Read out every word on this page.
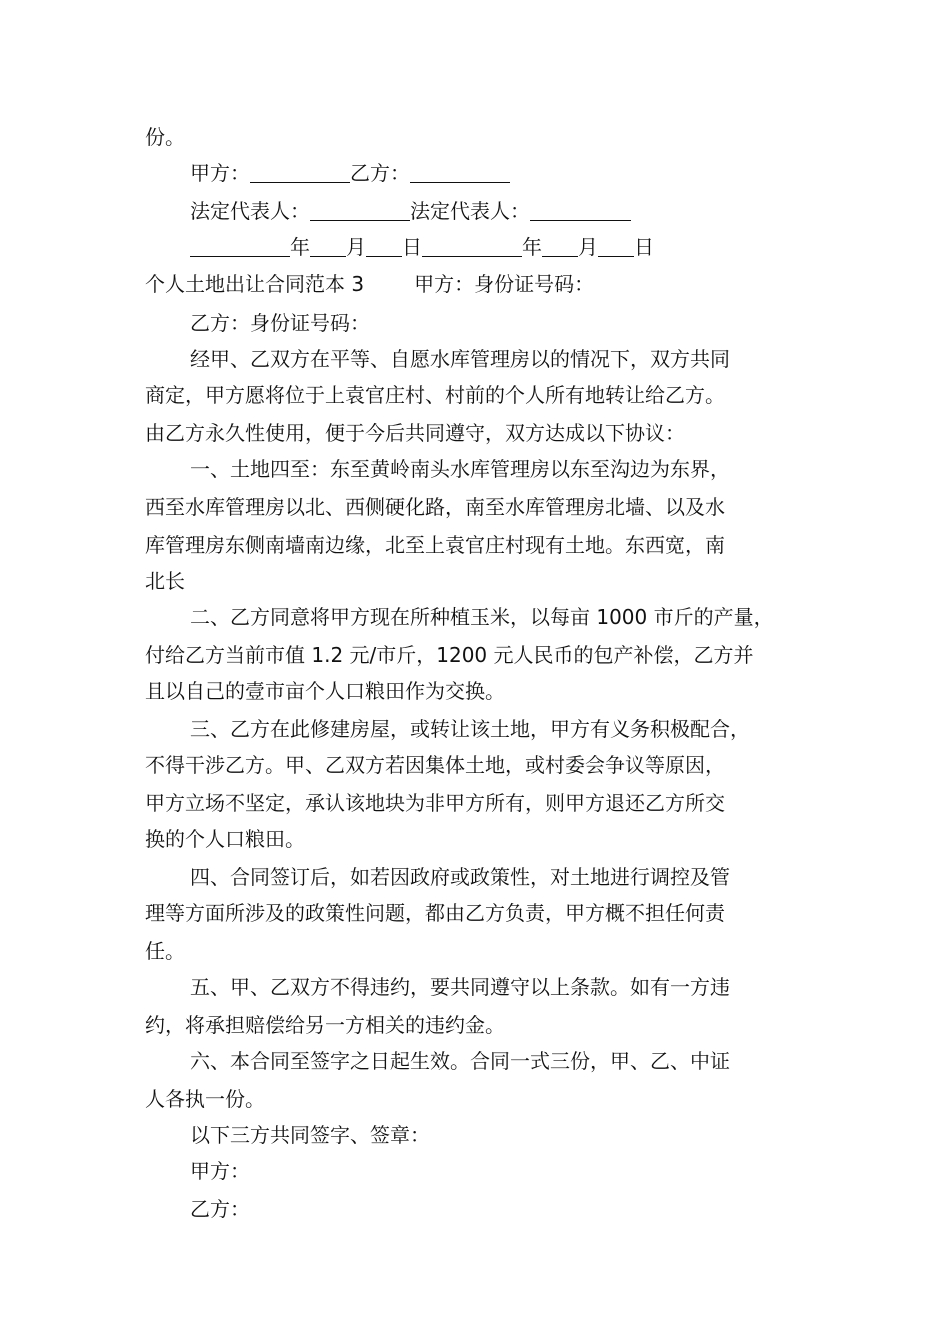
份。
甲方：	乙方：
法定代表人：	法定代表人：
年 月 日	年 月 日
个人土地出让合同范本 3	甲方：身份证号码：
乙方：身份证号码：
经甲、乙双方在平等、自愿水库管理房以的情况下，双方共同
商定，甲方愿将位于上袁官庄村、村前的个人所有地转让给乙方。
由乙方永久性使用，便于今后共同遵守，双方达成以下协议：
一、土地四至：东至黄岭南头水库管理房以东至沟边为东界，
西至水库管理房以北、西侧硬化路，南至水库管理房北墙、以及水
库管理房东侧南墙南边缘，北至上袁官庄村现有土地。东西宽，南
北长
二、乙方同意将甲方现在所种植玉米，以每亩 1000 市斤的产量，
付给乙方当前市值 1.2 元/市斤，1200 元人民币的包产补偿，乙方并
且以自己的壹市亩个人口粮田作为交换。
三、乙方在此修建房屋，或转让该土地，甲方有义务积极配合，
不得干涉乙方。甲、乙双方若因集体土地，或村委会争议等原因，
甲方立场不坚定，承认该地块为非甲方所有，则甲方退还乙方所交
换的个人口粮田。
四、合同签订后，如若因政府或政策性，对土地进行调控及管
理等方面所涉及的政策性问题，都由乙方负责，甲方概不担任何责
任。
五、甲、乙双方不得违约，要共同遵守以上条款。如有一方违
约，将承担赔偿给另一方相关的违约金。
六、本合同至签字之日起生效。合同一式三份，甲、乙、中证
人各执一份。
以下三方共同签字、签章：
甲方：
乙方：
